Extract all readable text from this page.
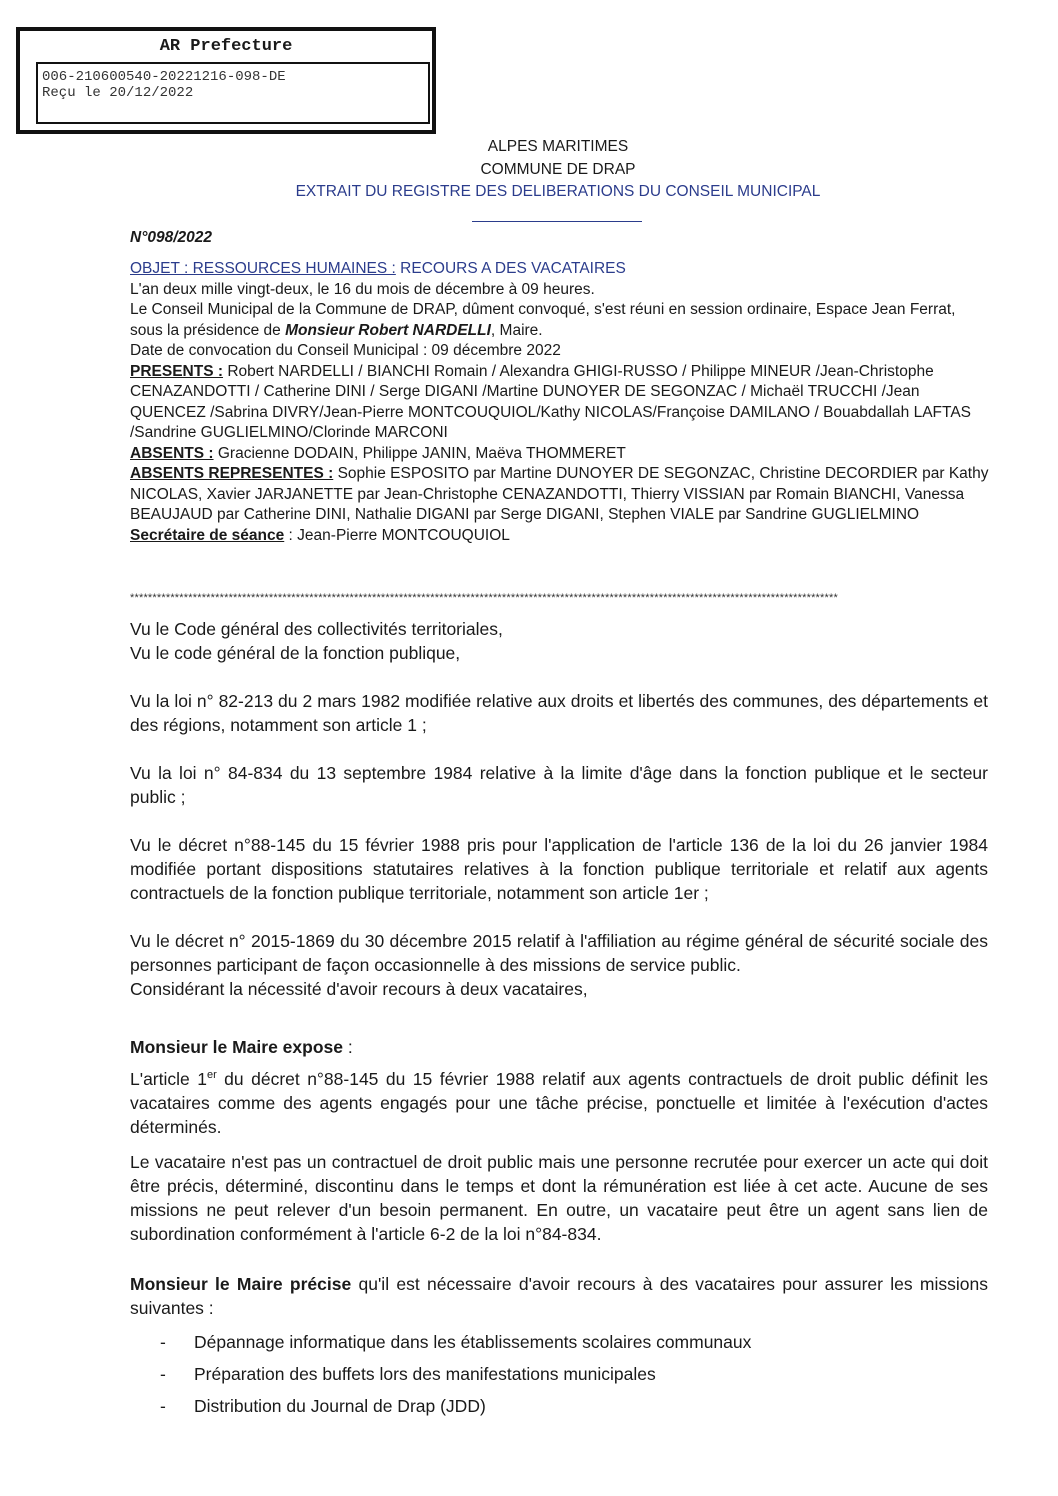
AR Prefecture
006-210600540-20221216-098-DE
Reçu le 20/12/2022
ALPES MARITIMES
COMMUNE DE DRAP
EXTRAIT DU REGISTRE DES DELIBERATIONS DU CONSEIL MUNICIPAL
N°098/2022

OBJET : RESSOURCES HUMAINES : RECOURS A DES VACATAIRES

L'an deux mille vingt-deux, le 16 du mois de décembre à 09 heures.

Le Conseil Municipal de la Commune de DRAP, dûment convoqué, s'est réuni en session ordinaire, Espace Jean Ferrat, sous la présidence de Monsieur Robert NARDELLI, Maire.

Date de convocation du Conseil Municipal : 09 décembre 2022

PRESENTS : Robert NARDELLI / BIANCHI Romain / Alexandra GHIGI-RUSSO / Philippe MINEUR /Jean-Christophe CENAZANDOTTI / Catherine DINI / Serge DIGANI /Martine DUNOYER DE SEGONZAC / Michaël TRUCCHI /Jean QUENCEZ /Sabrina DIVRY/Jean-Pierre MONTCOUQUIOL/Kathy NICOLAS/Françoise DAMILANO / Bouabdallah LAFTAS /Sandrine GUGLIELMINO/Clorinde MARCONI

ABSENTS : Gracienne DODAIN, Philippe JANIN, Maëva THOMMERET

ABSENTS REPRESENTES : Sophie ESPOSITO par Martine DUNOYER DE SEGONZAC, Christine DECORDIER par Kathy NICOLAS, Xavier JARJANETTE par Jean-Christophe CENAZANDOTTI, Thierry VISSIAN par Romain BIANCHI, Vanessa BEAUJAUD par Catherine DINI, Nathalie DIGANI par Serge DIGANI, Stephen VIALE par Sandrine GUGLIELMINO

Secrétaire de séance : Jean-Pierre MONTCOUQUIOL

**************************************************************************************************************************************************************

Vu le Code général des collectivités territoriales,

Vu le code général de la fonction publique,

Vu la loi n° 82-213 du 2 mars 1982 modifiée relative aux droits et libertés des communes, des départements et des régions, notamment son article 1 ;

Vu la loi n° 84-834 du 13 septembre 1984 relative à la limite d'âge dans la fonction publique et le secteur public ;

Vu le décret n°88-145 du 15 février 1988 pris pour l'application de l'article 136 de la loi du 26 janvier 1984 modifiée portant dispositions statutaires relatives à la fonction publique territoriale et relatif aux agents contractuels de la fonction publique territoriale, notamment son article 1er ;

Vu le décret n° 2015-1869 du 30 décembre 2015 relatif à l'affiliation au régime général de sécurité sociale des personnes participant de façon occasionnelle à des missions de service public.

Considérant la nécessité d'avoir recours à deux vacataires,

Monsieur le Maire expose :

L'article 1er du décret n°88-145 du 15 février 1988 relatif aux agents contractuels de droit public définit les vacataires comme des agents engagés pour une tâche précise, ponctuelle et limitée à l'exécution d'actes déterminés.

Le vacataire n'est pas un contractuel de droit public mais une personne recrutée pour exercer un acte qui doit être précis, déterminé, discontinu dans le temps et dont la rémunération est liée à cet acte. Aucune de ses missions ne peut relever d'un besoin permanent. En outre, un vacataire peut être un agent sans lien de subordination conformément à l'article 6-2 de la loi n°84-834.

Monsieur le Maire précise qu'il est nécessaire d'avoir recours à des vacataires pour assurer les missions suivantes :

- Dépannage informatique dans les établissements scolaires communaux
- Préparation des buffets lors des manifestations municipales
- Distribution du Journal de Drap (JDD)
